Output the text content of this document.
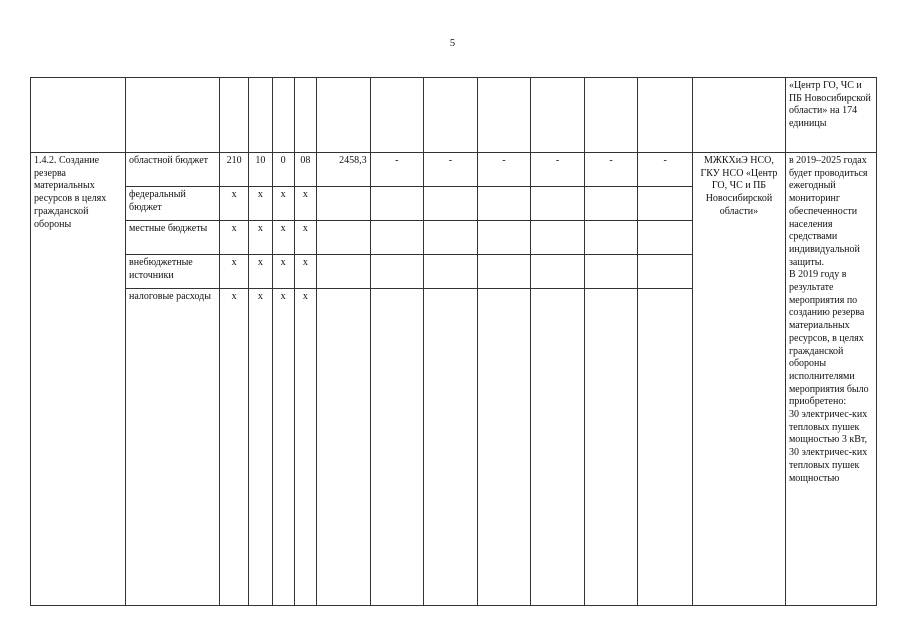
5
														«Центр ГО, ЧС и ПБ Новосибирской области» на 174 единицы
1.4.2. Создание резерва материальных ресурсов в целях гражданской обороны	областной бюджет	210	10	0	08	2458,3	-	-	-	-	-	-	МЖКХиЭ НСО, ГКУ НСО «Центр ГО, ЧС и ПБ Новосибирской области»	в 2019–2025 годах будет проводиться ежегодный мониторинг обеспеченности населения средствами индивидуальной защиты.
В 2019 году в результате мероприятия по созданию резерва материальных ресурсов, в целях гражданской обороны исполнителями мероприятия было приобретено:
30 электричес-ких тепловых пушек мощностью 3 кВт,
30 электричес-ких тепловых пушек мощностью
	федеральный бюджет	x	x	x	x									
	местные бюджеты	x	x	x	x									
	внебюджетные источники	x	x	x	x									
	налоговые расходы	x	x	x	x									
